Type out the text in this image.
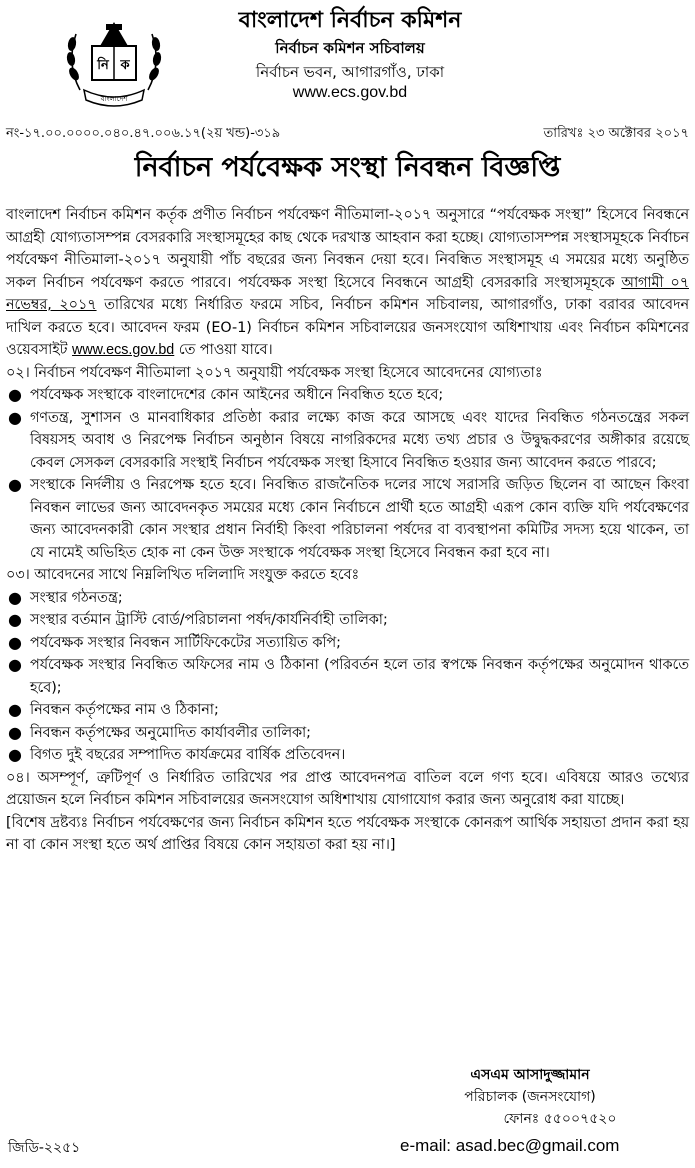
নি ক
বাংলাদেশ
বাংলাদেশ নির্বাচন কমিশন
নির্বাচন কমিশন সচিবালয়
নির্বাচন ভবন, আগারগাঁও, ঢাকা
www.ecs.gov.bd
নং-১৭.০০.০০০০.০৪০.৪৭.০০৬.১৭(২য় খন্ড)-৩১৯	তারিখঃ ২৩ অক্টোবর ২০১৭
নির্বাচন পর্যবেক্ষক সংস্থা নিবন্ধন বিজ্ঞপ্তি

বাংলাদেশ নির্বাচন কমিশন কর্তৃক প্রণীত নির্বাচন পর্যবেক্ষণ নীতিমালা-২০১৭ অনুসারে “পর্যবেক্ষক সংস্থা” হিসেবে নিবন্ধনে আগ্রহী যোগ্যতাসম্পন্ন বেসরকারি সংস্থাসমূহের কাছ থেকে দরখাস্ত আহবান করা হচ্ছে। যোগ্যতাসম্পন্ন সংস্থাসমূহকে নির্বাচন পর্যবেক্ষণ নীতিমালা-২০১৭ অনুযায়ী পাঁচ বছরের জন্য নিবন্ধন দেয়া হবে। নিবন্ধিত সংস্থাসমূহ এ সময়ের মধ্যে অনুষ্ঠিত সকল নির্বাচন পর্যবেক্ষণ করতে পারবে। পর্যবেক্ষক সংস্থা হিসেবে নিবন্ধনে আগ্রহী বেসরকারি সংস্থাসমূহকে আগামী ০৭ নভেম্বর, ২০১৭ তারিখের মধ্যে নির্ধারিত ফরমে সচিব, নির্বাচন কমিশন সচিবালয়, আগারগাঁও, ঢাকা বরাবর আবেদন দাখিল করতে হবে। আবেদন ফরম (EO-1) নির্বাচন কমিশন সচিবালয়ের জনসংযোগ অধিশাখায় এবং নির্বাচন কমিশনের ওয়েবসাইট www.ecs.gov.bd তে পাওয়া যাবে।

০২। নির্বাচন পর্যবেক্ষণ নীতিমালা ২০১৭ অনুযায়ী পর্যবেক্ষক সংস্থা হিসেবে আবেদনের যোগ্যতাঃ

● পর্যবেক্ষক সংস্থাকে বাংলাদেশের কোন আইনের অধীনে নিবন্ধিত হতে হবে;
● গণতন্ত্র, সুশাসন ও মানবাধিকার প্রতিষ্ঠা করার লক্ষ্যে কাজ করে আসছে এবং যাদের নিবন্ধিত গঠনতন্ত্রের সকল বিষয়সহ অবাধ ও নিরপেক্ষ নির্বাচন অনুষ্ঠান বিষয়ে নাগরিকদের মধ্যে তথ্য প্রচার ও উদ্বুদ্ধকরণের অঙ্গীকার রয়েছে কেবল সেসকল বেসরকারি সংস্থাই নির্বাচন পর্যবেক্ষক সংস্থা হিসাবে নিবন্ধিত হওয়ার জন্য আবেদন করতে পারবে;
● সংস্থাকে নির্দলীয় ও নিরপেক্ষ হতে হবে। নিবন্ধিত রাজনৈতিক দলের সাথে সরাসরি জড়িত ছিলেন বা আছেন কিংবা নিবন্ধন লাভের জন্য আবেদনকৃত সময়ের মধ্যে কোন নির্বাচনে প্রার্থী হতে আগ্রহী এরূপ কোন ব্যক্তি যদি পর্যবেক্ষণের জন্য আবেদনকারী কোন সংস্থার প্রধান নির্বাহী কিংবা পরিচালনা পর্ষদের বা ব্যবস্থাপনা কমিটির সদস্য হয়ে থাকেন, তা যে নামেই অভিহিত হোক না কেন উক্ত সংস্থাকে পর্যবেক্ষক সংস্থা হিসেবে নিবন্ধন করা হবে না।

০৩। আবেদনের সাথে নিম্নলিখিত দলিলাদি সংযুক্ত করতে হবেঃ

● সংস্থার গঠনতন্ত্র;
● সংস্থার বর্তমান ট্রাস্টি বোর্ড/পরিচালনা পর্ষদ/কার্যনির্বাহী তালিকা;
● পর্যবেক্ষক সংস্থার নিবন্ধন সার্টিফিকেটের সত্যায়িত কপি;
● পর্যবেক্ষক সংস্থার নিবন্ধিত অফিসের নাম ও ঠিকানা (পরিবর্তন হলে তার স্বপক্ষে নিবন্ধন কর্তৃপক্ষের অনুমোদন থাকতে হবে);
● নিবন্ধন কর্তৃপক্ষের নাম ও ঠিকানা;
● নিবন্ধন কর্তৃপক্ষের অনুমোদিত কার্যাবলীর তালিকা;
● বিগত দুই বছরের সম্পাদিত কার্যক্রমের বার্ষিক প্রতিবেদন।

০৪। অসম্পূর্ণ, ত্রুটিপূর্ণ ও নির্ধারিত তারিখের পর প্রাপ্ত আবেদনপত্র বাতিল বলে গণ্য হবে। এবিষয়ে আরও তথ্যের প্রয়োজন হলে নির্বাচন কমিশন সচিবালয়ের জনসংযোগ অধিশাখায় যোগাযোগ করার জন্য অনুরোধ করা যাচ্ছে।

[বিশেষ দ্রষ্টব্যঃ নির্বাচন পর্যবেক্ষণের জন্য নির্বাচন কমিশন হতে পর্যবেক্ষক সংস্থাকে কোনরূপ আর্থিক সহায়তা প্রদান করা হয় না বা কোন সংস্থা হতে অর্থ প্রাপ্তির বিষয়ে কোন সহায়তা করা হয় না।]

এসএম আসাদুজ্জামান
পরিচালক (জনসংযোগ)
ফোনঃ ৫৫০০৭৫২০
e-mail: asad.bec@gmail.com
জিডি-২২৫১
